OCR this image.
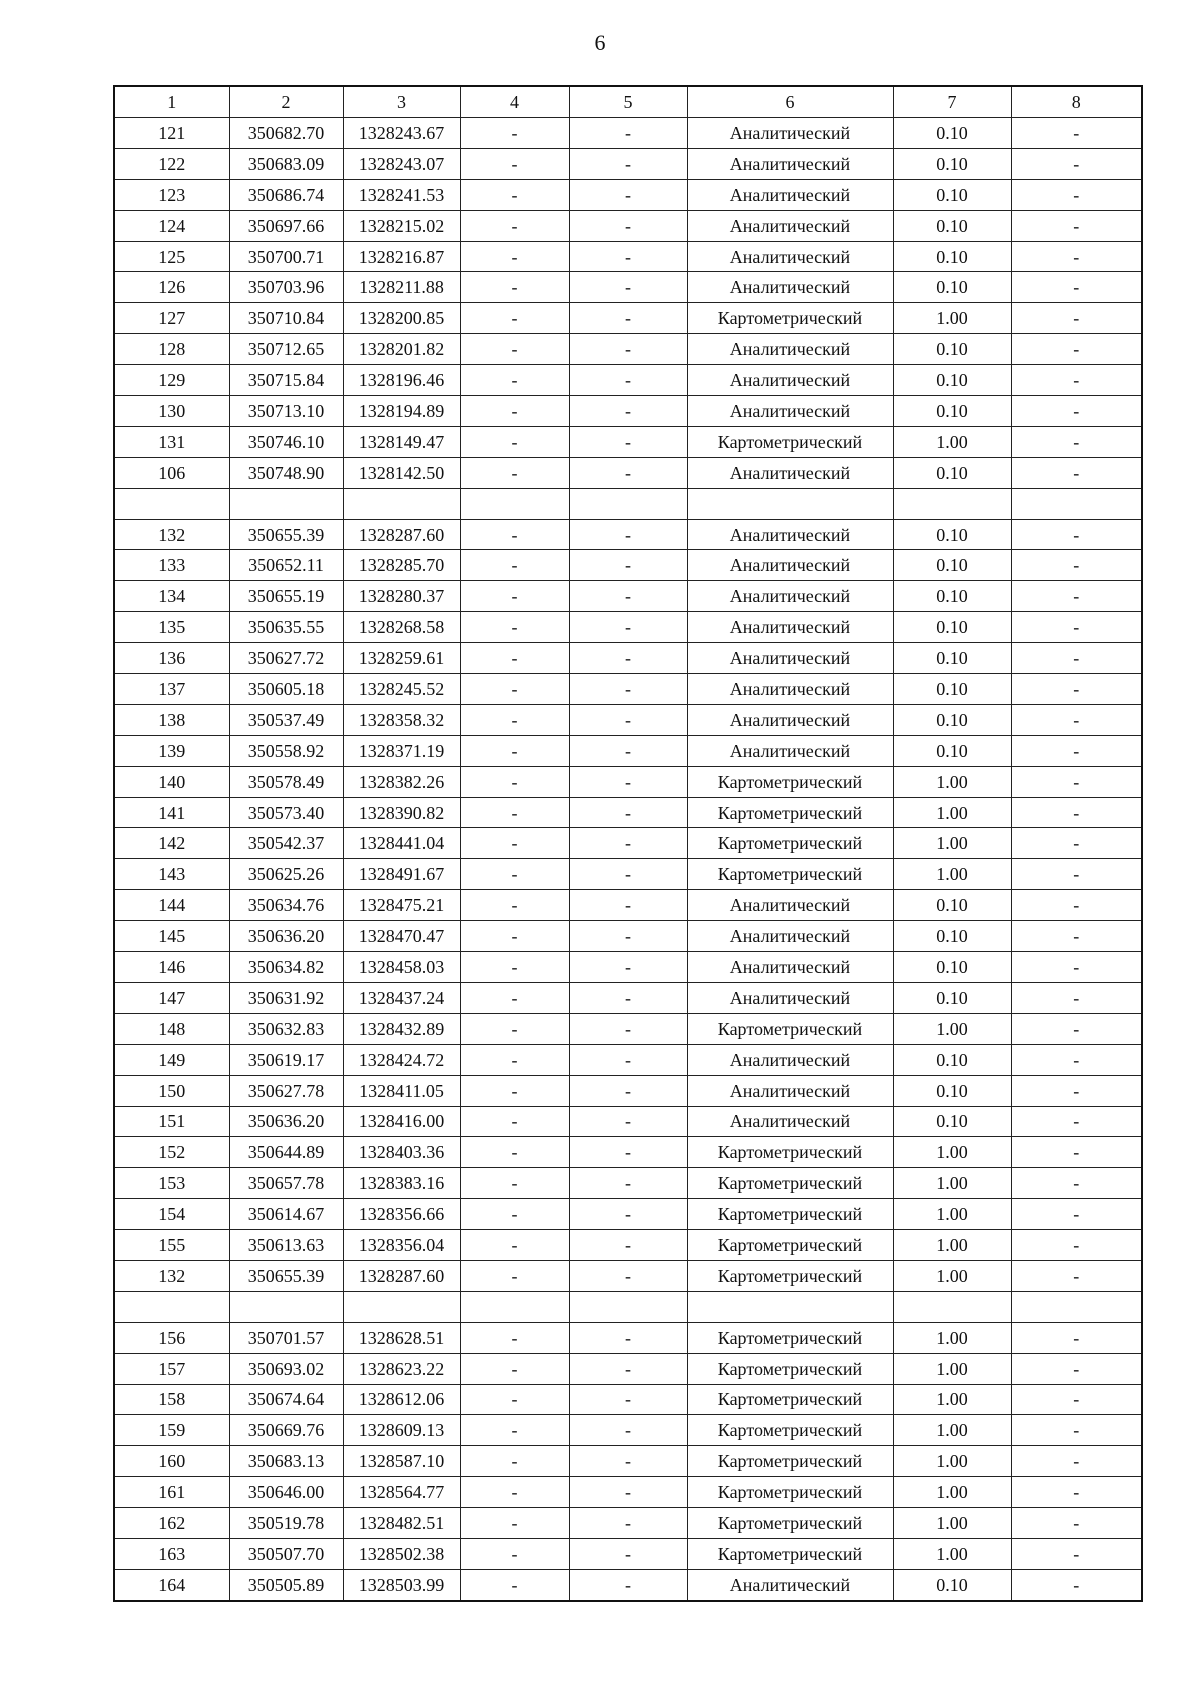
6
1	2	3	4	5	6	7	8
121	350682.70	1328243.67	-	-	Аналитический	0.10	-
122	350683.09	1328243.07	-	-	Аналитический	0.10	-
123	350686.74	1328241.53	-	-	Аналитический	0.10	-
124	350697.66	1328215.02	-	-	Аналитический	0.10	-
125	350700.71	1328216.87	-	-	Аналитический	0.10	-
126	350703.96	1328211.88	-	-	Аналитический	0.10	-
127	350710.84	1328200.85	-	-	Картометрический	1.00	-
128	350712.65	1328201.82	-	-	Аналитический	0.10	-
129	350715.84	1328196.46	-	-	Аналитический	0.10	-
130	350713.10	1328194.89	-	-	Аналитический	0.10	-
131	350746.10	1328149.47	-	-	Картометрический	1.00	-
106	350748.90	1328142.50	-	-	Аналитический	0.10	-

132	350655.39	1328287.60	-	-	Аналитический	0.10	-
133	350652.11	1328285.70	-	-	Аналитический	0.10	-
134	350655.19	1328280.37	-	-	Аналитический	0.10	-
135	350635.55	1328268.58	-	-	Аналитический	0.10	-
136	350627.72	1328259.61	-	-	Аналитический	0.10	-
137	350605.18	1328245.52	-	-	Аналитический	0.10	-
138	350537.49	1328358.32	-	-	Аналитический	0.10	-
139	350558.92	1328371.19	-	-	Аналитический	0.10	-
140	350578.49	1328382.26	-	-	Картометрический	1.00	-
141	350573.40	1328390.82	-	-	Картометрический	1.00	-
142	350542.37	1328441.04	-	-	Картометрический	1.00	-
143	350625.26	1328491.67	-	-	Картометрический	1.00	-
144	350634.76	1328475.21	-	-	Аналитический	0.10	-
145	350636.20	1328470.47	-	-	Аналитический	0.10	-
146	350634.82	1328458.03	-	-	Аналитический	0.10	-
147	350631.92	1328437.24	-	-	Аналитический	0.10	-
148	350632.83	1328432.89	-	-	Картометрический	1.00	-
149	350619.17	1328424.72	-	-	Аналитический	0.10	-
150	350627.78	1328411.05	-	-	Аналитический	0.10	-
151	350636.20	1328416.00	-	-	Аналитический	0.10	-
152	350644.89	1328403.36	-	-	Картометрический	1.00	-
153	350657.78	1328383.16	-	-	Картометрический	1.00	-
154	350614.67	1328356.66	-	-	Картометрический	1.00	-
155	350613.63	1328356.04	-	-	Картометрический	1.00	-
132	350655.39	1328287.60	-	-	Картометрический	1.00	-

156	350701.57	1328628.51	-	-	Картометрический	1.00	-
157	350693.02	1328623.22	-	-	Картометрический	1.00	-
158	350674.64	1328612.06	-	-	Картометрический	1.00	-
159	350669.76	1328609.13	-	-	Картометрический	1.00	-
160	350683.13	1328587.10	-	-	Картометрический	1.00	-
161	350646.00	1328564.77	-	-	Картометрический	1.00	-
162	350519.78	1328482.51	-	-	Картометрический	1.00	-
163	350507.70	1328502.38	-	-	Картометрический	1.00	-
164	350505.89	1328503.99	-	-	Аналитический	0.10	-
